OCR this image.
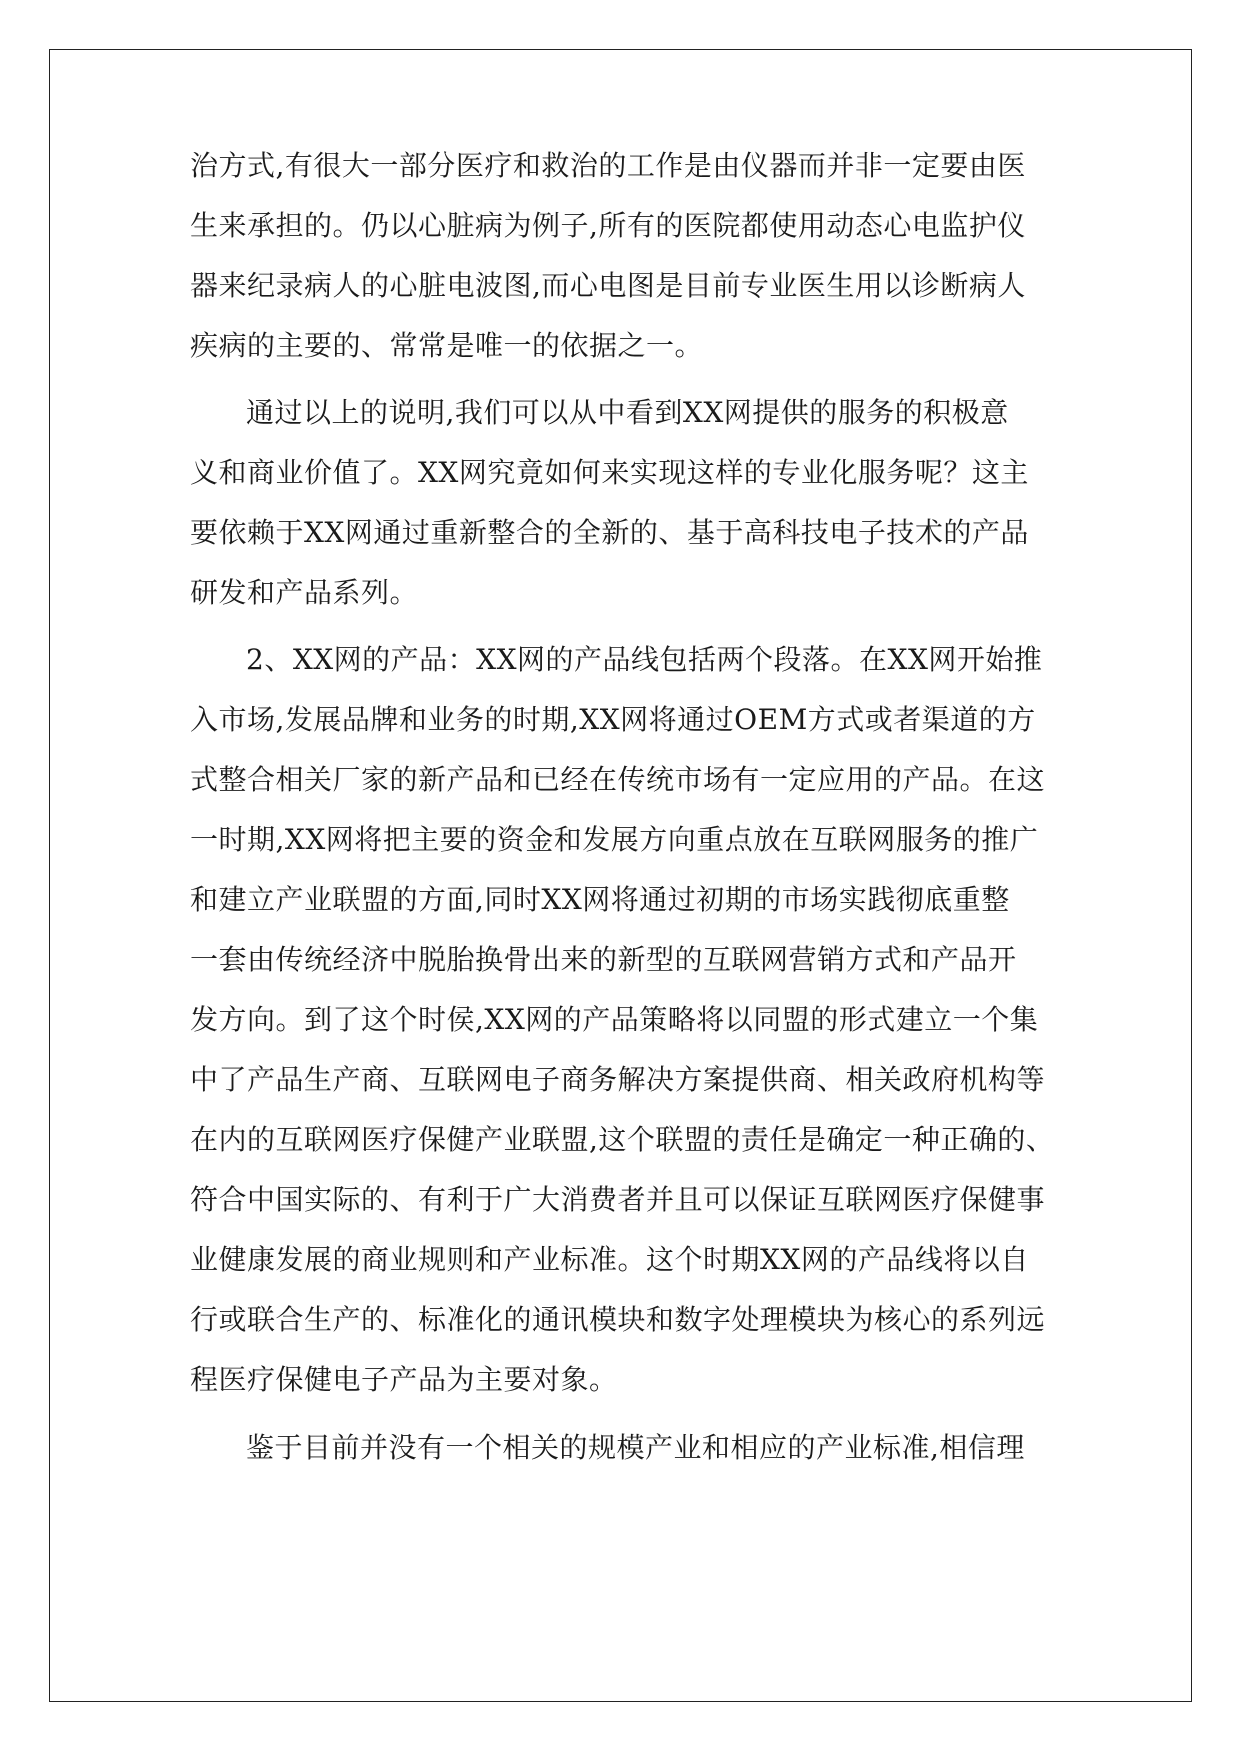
治方式,有很大一部分医疗和救治的工作是由仪器而并非一定要由医

生来承担的。仍以心脏病为例子,所有的医院都使用动态心电监护仪

器来纪录病人的心脏电波图,而心电图是目前专业医生用以诊断病人

疾病的主要的、常常是唯一的依据之一。

通过以上的说明,我们可以从中看到XX网提供的服务的积极意

义和商业价值了。XX网究竟如何来实现这样的专业化服务呢？这主

要依赖于XX网通过重新整合的全新的、基于高科技电子技术的产品

研发和产品系列。

2、XX网的产品：XX网的产品线包括两个段落。在XX网开始推

入市场,发展品牌和业务的时期,XX网将通过OEM方式或者渠道的方

式整合相关厂家的新产品和已经在传统市场有一定应用的产品。在这

一时期,XX网将把主要的资金和发展方向重点放在互联网服务的推广

和建立产业联盟的方面,同时XX网将通过初期的市场实践彻底重整

一套由传统经济中脱胎换骨出来的新型的互联网营销方式和产品开

发方向。到了这个时侯,XX网的产品策略将以同盟的形式建立一个集

中了产品生产商、互联网电子商务解决方案提供商、相关政府机构等

在内的互联网医疗保健产业联盟,这个联盟的责任是确定一种正确的、

符合中国实际的、有利于广大消费者并且可以保证互联网医疗保健事

业健康发展的商业规则和产业标准。这个时期XX网的产品线将以自

行或联合生产的、标准化的通讯模块和数字处理模块为核心的系列远

程医疗保健电子产品为主要对象。

鉴于目前并没有一个相关的规模产业和相应的产业标准,相信理
